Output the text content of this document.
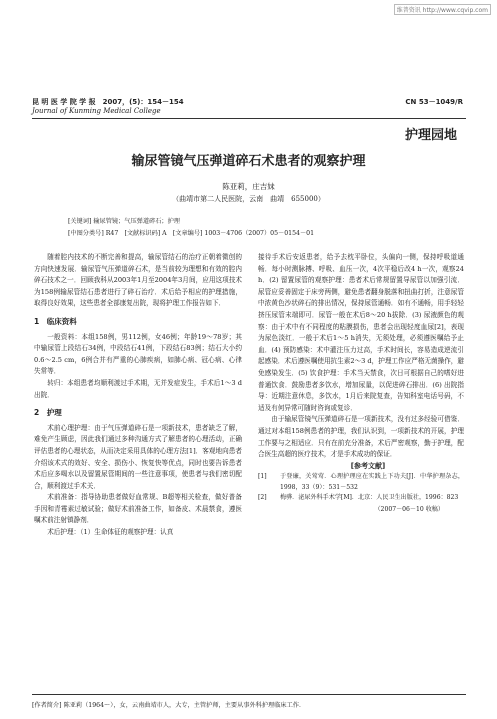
维普资讯 http://www.cqvip.com
昆 明 医 学 院 学 报　2007，(5)：154－154
Journal of Kunming Medical College
CN 53－1049/R
护理园地
输尿管镜气压弹道碎石术患者的观察护理
陈亚莉，庄吉妹
（曲靖市第二人民医院，云南　曲靖　655000）
[关键词] 输尿管镜；气压弹道碎石；护理
[中图分类号] R47　[文献标识码] A　[文章编号] 1003－4706（2007）05－0154－01

随着腔内技术的不断完善和提高，输尿管结石的治疗正朝着微创的方向快速发展．输尿管气压弹道碎石术，是当前较为理想和有效的腔内碎石技术之一．回顾我科从2003年1月至2004年3月间，应用这项技术为158例输尿管结石患者进行了碎石治疗．术后给予相应的护理措施，取得良好效果，这些患者全部康复出院，现将护理工作报告如下．

1　临床资料

一般资料：本组158例，男112例，女46例；年龄19～78岁；其中输尿管上段结石34例，中段结石41例，下段结石83例；结石大小约0.6～2.5 cm，6例合并有严重的心肺疾病，如肺心病、冠心病、心律失常等．

转归：本组患者均顺利渡过手术期，无并发症发生，手术后1～3 d出院．

2　护理

术前心理护理：由于气压弹道碎石是一项新技术，患者缺乏了解，难免产生顾虑，因此我们通过多种沟通方式了解患者的心理活动，正确评估患者的心理状态，从而决定采用具体的心理方法[1]．客观地向患者介绍该术式的效好、安全、损伤小、恢复快等优点，同时也要告诉患者术后应多喝水以及留置尿管期间的一些注意事项，使患者与我们密切配合，顺利渡过手术关．

术前准备：指导协助患者做好血常规、B超等相关检查，做好普备手因和青霉素过敏试验；做好术前准备工作，如备皮、术晨禁食，遵医嘱术前注射镇静剂．

术后护理：（1）生命体征的观察护理：认真

接待手术后安返患者，给予去枕平卧位，头偏向一侧，保持呼吸道通畅．每小时测脉搏、呼吸、血压一次，4次平稳后改4 h一次，观察24 h．(2) 留置尿管的观察护理：患者术后常规留置导尿管以加强引流．尿管应妥善固定于床旁两侧，避免患者翻身脱落和扭曲打折，注意尿管中浓黄色沙状碎石的排出情况，保持尿管通畅．如有不通畅，用手轻轻挤压尿管末端即可．尿管一般在术后8～20 h拔除．(3) 尿液颜色的观察：由于术中有不同程度的粘膜损伤，患者会出现轻度血尿[2]，表现为尿色淡红．一般于术后1～5 h消失，无须处理，必须遵医嘱给予止血．(4) 预防感染：术中灌注压力过高，手术时间长，容易造成逆流引起感染．术后遵医嘱使用抗生素2～3 d，护理工作应严格无菌操作，避免感染发生．(5) 饮食护理：手术当天禁食，次日可根据自己的嗜好进普通饮食．鼓励患者多饮水，增加尿量，以促进碎石排出．(6) 出院指导：近期注意休息，多饮水，1月后来院复查，告知科室电话号码，不适及有何异常可随时咨询或复诊．

由于输尿管镜气压弹道碎石是一项新技术，没有过多经验可借鉴．通过对本组158例患者的护理，我们认识到，一项新技术的开展，护理工作要与之相适应．只有在前充分准备，术后严密观察，勤于护理，配合医生高超的医疗技术，才是手术成功的保证．

[参考文献]

[1] 于登廉，关莺莺．心理护理应在实践上下功夫[J]．中华护理杂志，1998，33（9）：531－532
[2] 梅骅．泌尿外科手术学[M]．北京：人民卫生出版社，1996：823
（2007－06－10 收稿）
[作者简介] 陈亚莉（1964～），女，云南曲靖市人，大专，主管护师，主要从事外科护理临床工作．
